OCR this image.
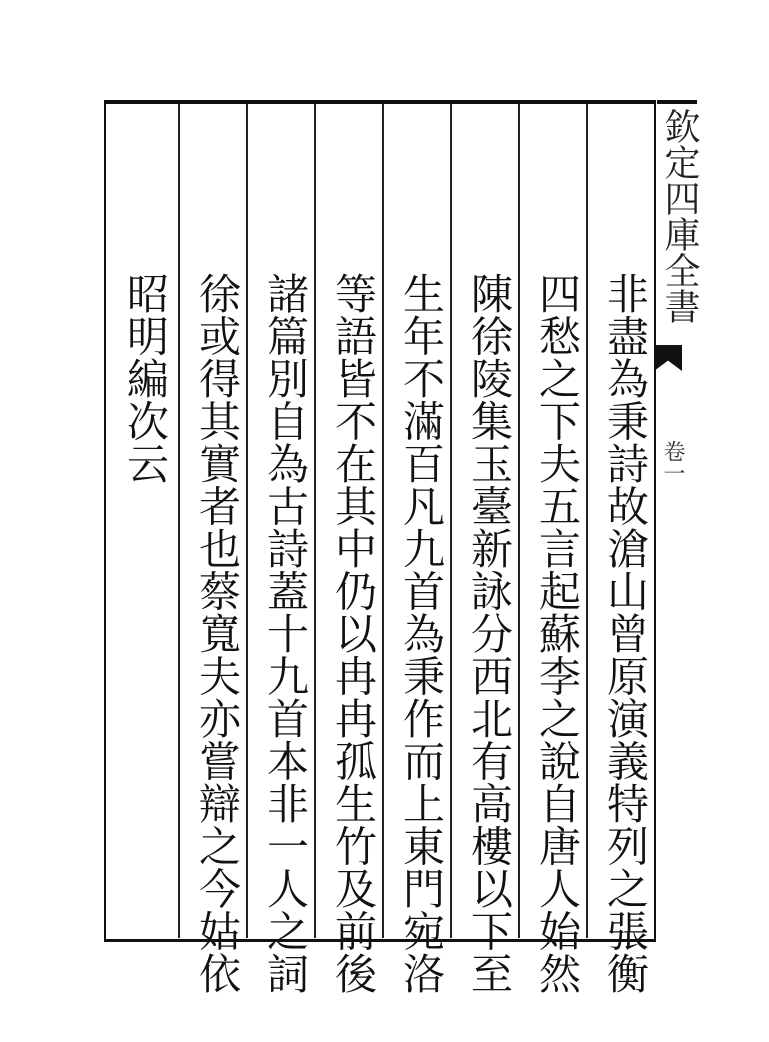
欽定四庫全書
卷一
非盡為秉詩故滄山曾原演義特列之張衡
四愁之下夫五言起蘇李之說自唐人始然
陳徐陵集玉臺新詠分西北有高樓以下至
生年不滿百凡九首為秉作而上東門宛洛
等語皆不在其中仍以冉冉孤生竹及前後
諸篇別自為古詩蓋十九首本非一人之詞
徐或得其實者也蔡寬夫亦嘗辯之今姑依
昭明編次云
